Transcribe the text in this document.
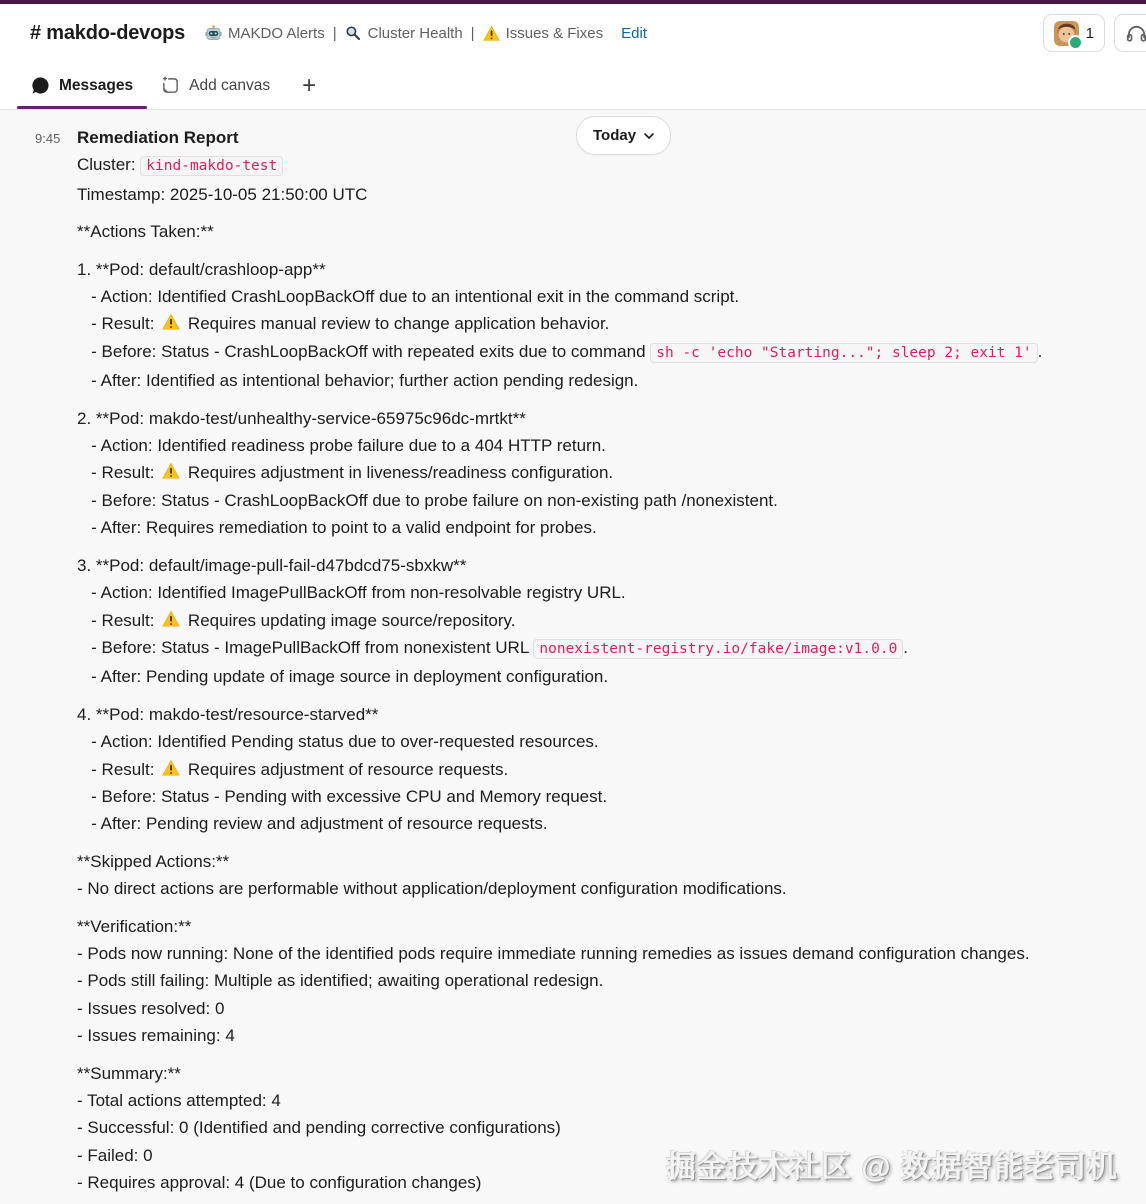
# makdo-devops	MAKDO Alerts | Cluster Health | Issues & Fixes Edit	1
Messages	Add canvas +
Today
9:45 Remediation Report
Cluster: kind-makdo-test
Timestamp: 2025-10-05 21:50:00 UTC
**Actions Taken:**
1. **Pod: default/crashloop-app**
- Action: Identified CrashLoopBackOff due to an intentional exit in the command script.
- Result:
Requires manual review to change application behavior.
- Before: Status - CrashLoopBackOff with repeated exits due to command sh -c 'echo "Starting..."; sleep 2; exit 1' .
- After: Identified as intentional behavior; further action pending redesign.
2. **Pod: makdo-test/unhealthy-service-65975c96dc-mrtkt**
- Action: Identified readiness probe failure due to a 404 HTTP return.
- Result:
Requires adjustment in liveness/readiness configuration.
- Before: Status - CrashLoopBackOff due to probe failure on non-existing path /nonexistent.
- After: Requires remediation to point to a valid endpoint for probes.
3. **Pod: default/image-pull-fail-d47bdcd75-sbxkw**
- Action: Identified ImagePullBackOff from non-resolvable registry URL.
- Result:
Requires updating image source/repository.
- Before: Status - ImagePullBackOff from nonexistent URL nonexistent-registry.io/fake/image:v1.0.0 .
- After: Pending update of image source in deployment configuration.
4. **Pod: makdo-test/resource-starved**
- Action: Identified Pending status due to over-requested resources.
- Result:
Requires adjustment of resource requests.
- Before: Status - Pending with excessive CPU and Memory request.
- After: Pending review and adjustment of resource requests.
**Skipped Actions:**
- No direct actions are performable without application/deployment configuration modifications.
**Verification:**
- Pods now running: None of the identified pods require immediate running remedies as issues demand configuration changes.
- Pods still failing: Multiple as identified; awaiting operational redesign.
- Issues resolved: 0
- Issues remaining: 4
**Summary:**
- Total actions attempted: 4
- Successful: 0 (Identified and pending corrective configurations)
- Failed: 0
- Requires approval: 4 (Due to configuration changes)	掘金技术社区 @ 数据智能老司机
